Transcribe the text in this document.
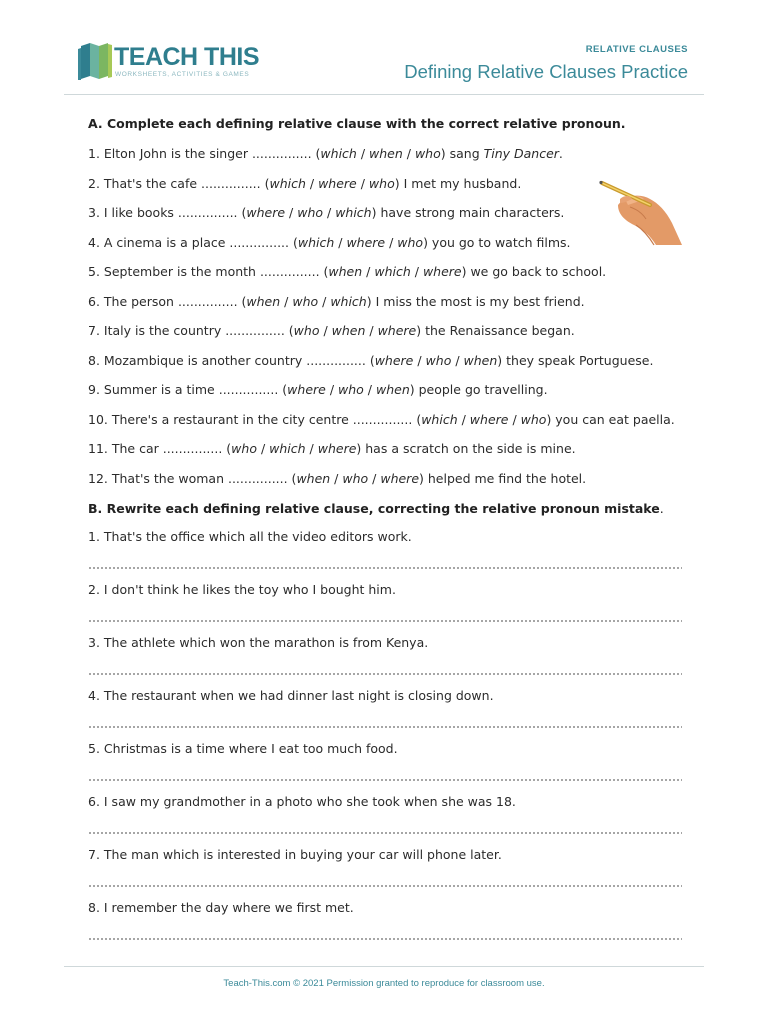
TEACH THIS
WORKSHEETS, ACTIVITIES & GAMES
RELATIVE CLAUSES
Defining Relative Clauses Practice
A. Complete each defining relative clause with the correct relative pronoun.
1. Elton John is the singer ............... (which / when / who) sang Tiny Dancer.
2. That's the cafe ............... (which / where / who) I met my husband.
3. I like books ............... (where / who / which) have strong main characters.
4. A cinema is a place ............... (which / where / who) you go to watch films.
5. September is the month ............... (when / which / where) we go back to school.
6. The person ............... (when / who / which) I miss the most is my best friend.
7. Italy is the country ............... (who / when / where) the Renaissance began.
8. Mozambique is another country ............... (where / who / when) they speak Portuguese.
9. Summer is a time ............... (where / who / when) people go travelling.
10. There's a restaurant in the city centre ............... (which / where / who) you can eat paella.
11. The car ............... (who / which / where) has a scratch on the side is mine.
12. That's the woman ............... (when / who / where) helped me find the hotel.
B. Rewrite each defining relative clause, correcting the relative pronoun mistake.
1. That's the office which all the video editors work.
2. I don't think he likes the toy who I bought him.
3. The athlete which won the marathon is from Kenya.
4. The restaurant when we had dinner last night is closing down.
5. Christmas is a time where I eat too much food.
6. I saw my grandmother in a photo who she took when she was 18.
7. The man which is interested in buying your car will phone later.
8. I remember the day where we first met.
Teach-This.com © 2021 Permission granted to reproduce for classroom use.
